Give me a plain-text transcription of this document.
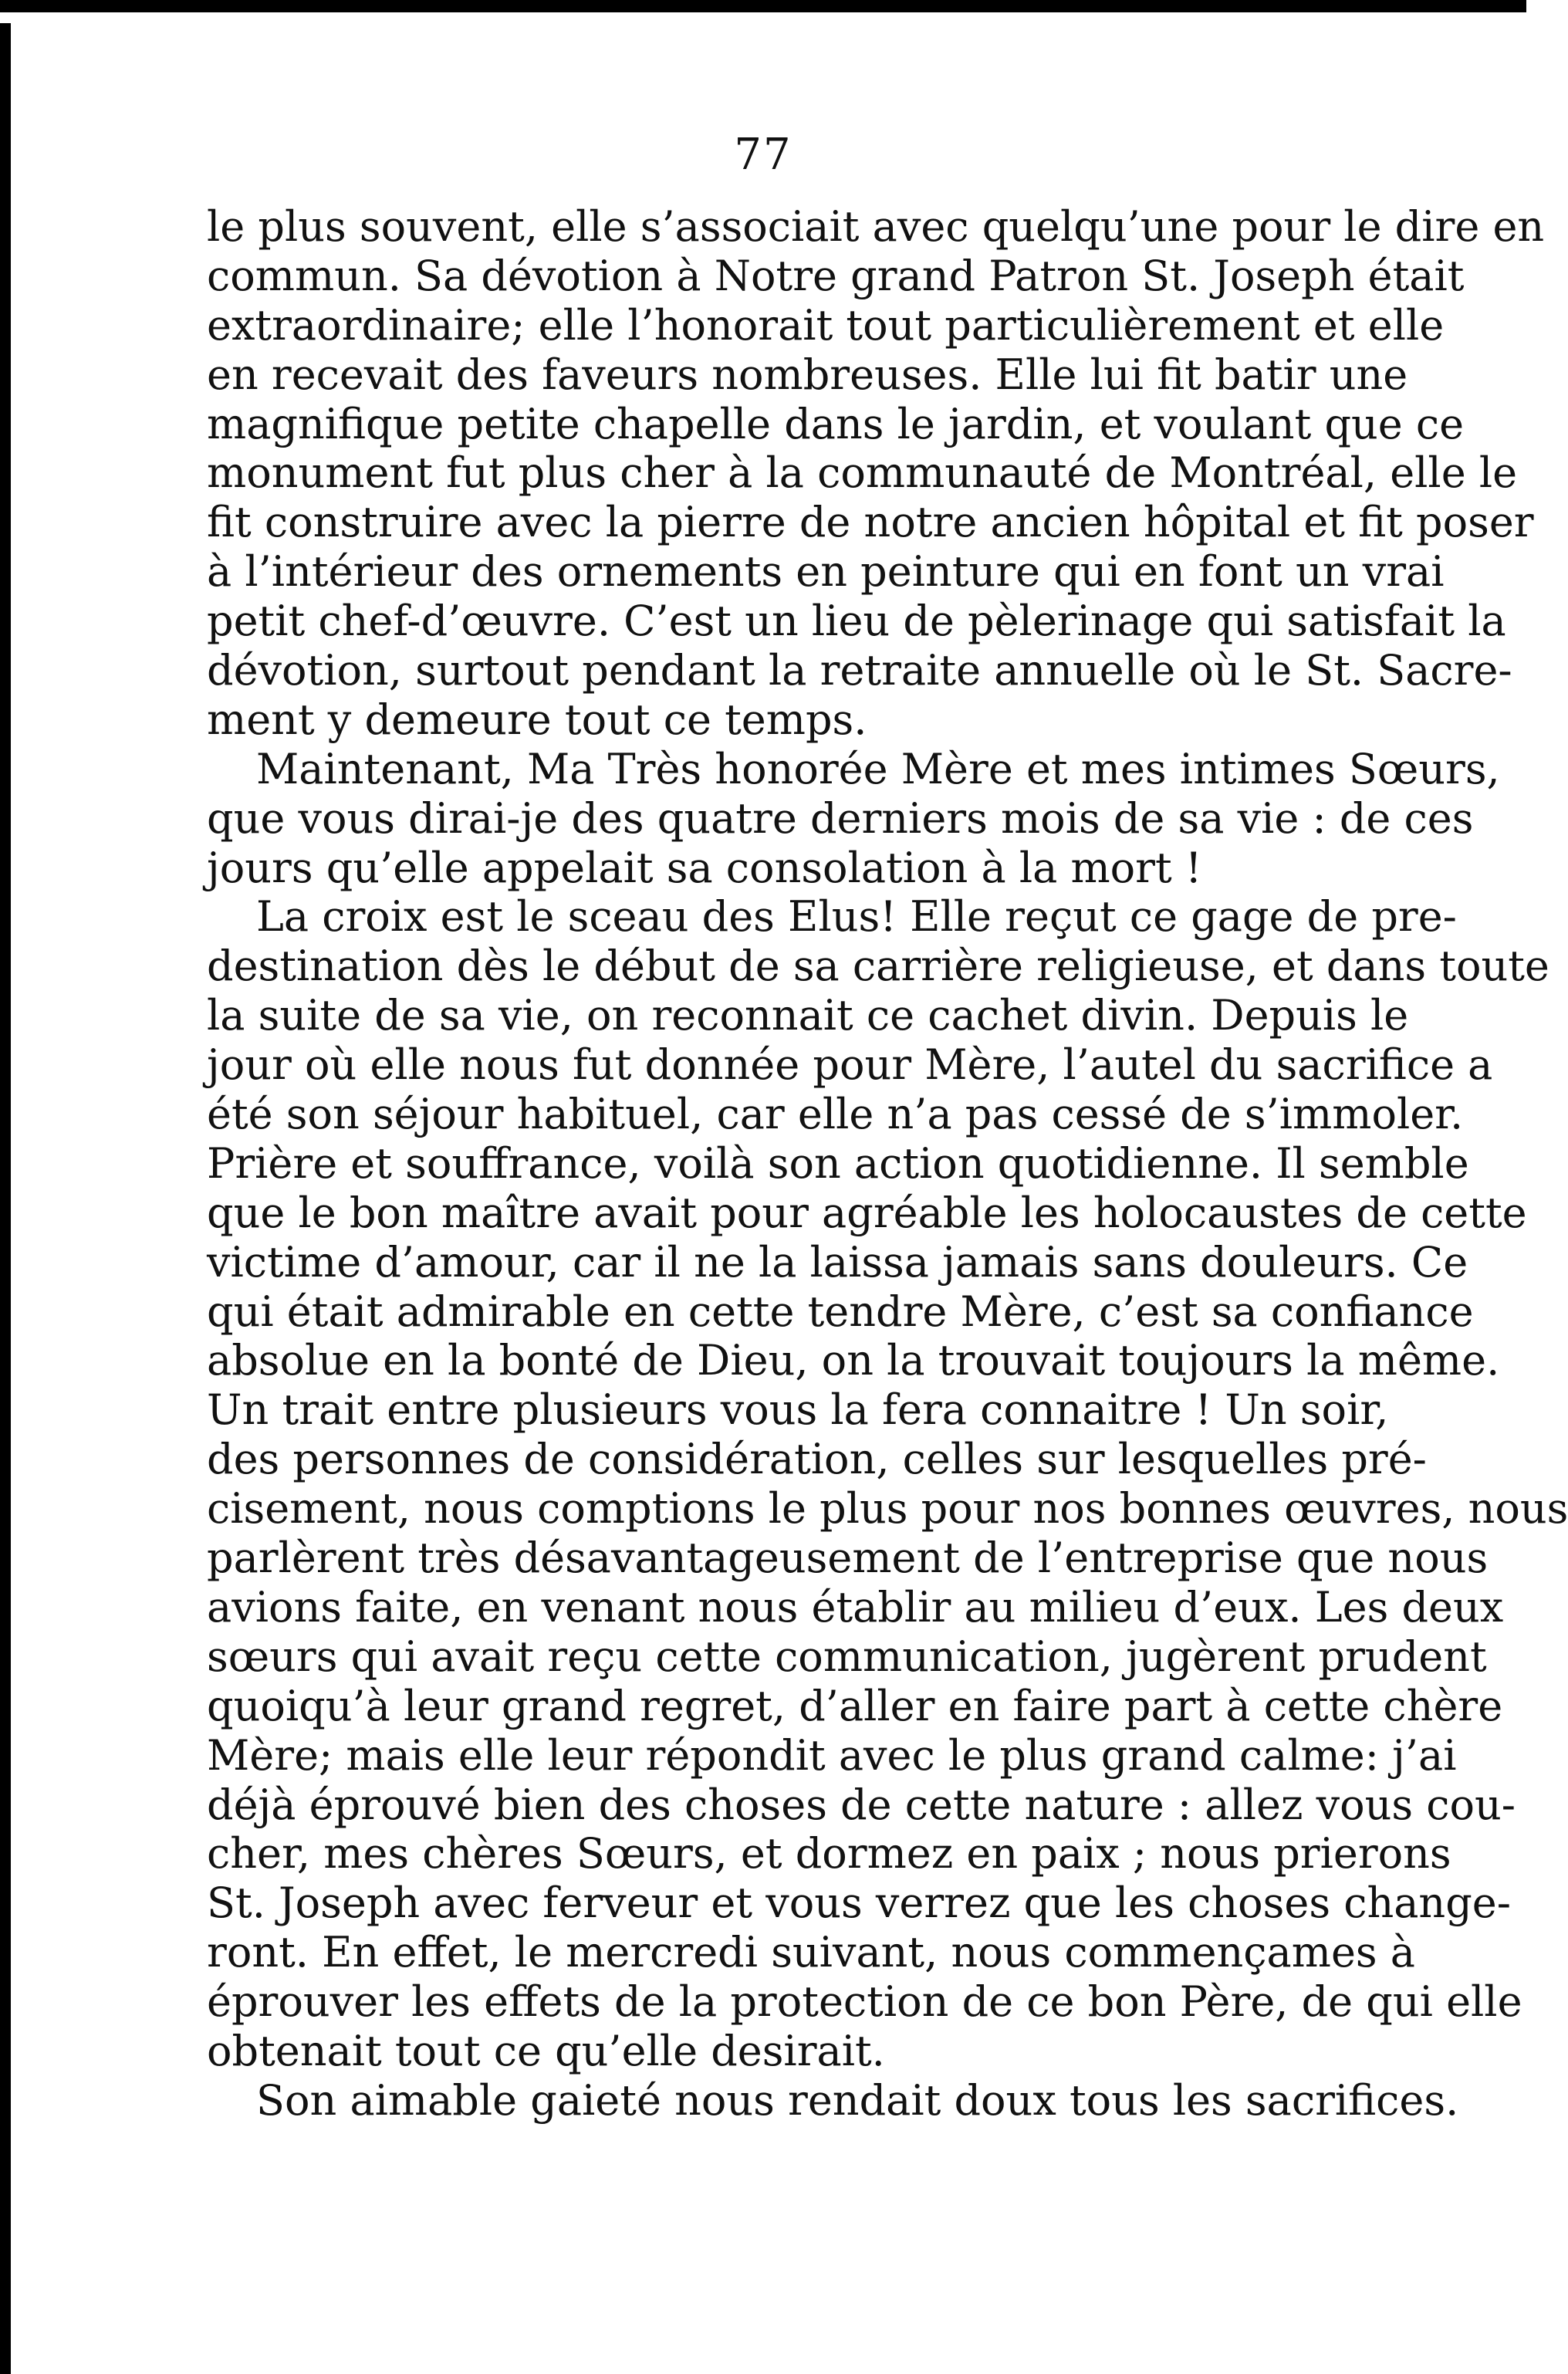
77
le plus souvent, elle s’associait avec quelqu’une pour le dire en
commun. Sa dévotion à Notre grand Patron St. Joseph était
extraordinaire; elle l’honorait tout particulièrement et elle
en recevait des faveurs nombreuses. Elle lui fit batir une
magnifique petite chapelle dans le jardin, et voulant que ce
monument fut plus cher à la communauté de Montréal, elle le
fit construire avec la pierre de notre ancien hôpital et fit poser
à l’intérieur des ornements en peinture qui en font un vrai
petit chef-d’œuvre. C’est un lieu de pèlerinage qui satisfait la
dévotion, surtout pendant la retraite annuelle où le St. Sacre-
ment y demeure tout ce temps.
Maintenant, Ma Très honorée Mère et mes intimes Sœurs,
que vous dirai-je des quatre derniers mois de sa vie : de ces
jours qu’elle appelait sa consolation à la mort !
La croix est le sceau des Elus! Elle reçut ce gage de pre-
destination dès le début de sa carrière religieuse, et dans toute
la suite de sa vie, on reconnait ce cachet divin. Depuis le
jour où elle nous fut donnée pour Mère, l’autel du sacrifice a
été son séjour habituel, car elle n’a pas cessé de s’immoler.
Prière et souffrance, voilà son action quotidienne. Il semble
que le bon maître avait pour agréable les holocaustes de cette
victime d’amour, car il ne la laissa jamais sans douleurs. Ce
qui était admirable en cette tendre Mère, c’est sa confiance
absolue en la bonté de Dieu, on la trouvait toujours la même.
Un trait entre plusieurs vous la fera connaitre ! Un soir,
des personnes de considération, celles sur lesquelles pré-
cisement, nous comptions le plus pour nos bonnes œuvres, nous
parlèrent très désavantageusement de l’entreprise que nous
avions faite, en venant nous établir au milieu d’eux. Les deux
sœurs qui avait reçu cette communication, jugèrent prudent
quoiqu’à leur grand regret, d’aller en faire part à cette chère
Mère; mais elle leur répondit avec le plus grand calme: j’ai
déjà éprouvé bien des choses de cette nature : allez vous cou-
cher, mes chères Sœurs, et dormez en paix ; nous prierons
St. Joseph avec ferveur et vous verrez que les choses change-
ront. En effet, le mercredi suivant, nous commençames à
éprouver les effets de la protection de ce bon Père, de qui elle
obtenait tout ce qu’elle desirait.
Son aimable gaieté nous rendait doux tous les sacrifices.
